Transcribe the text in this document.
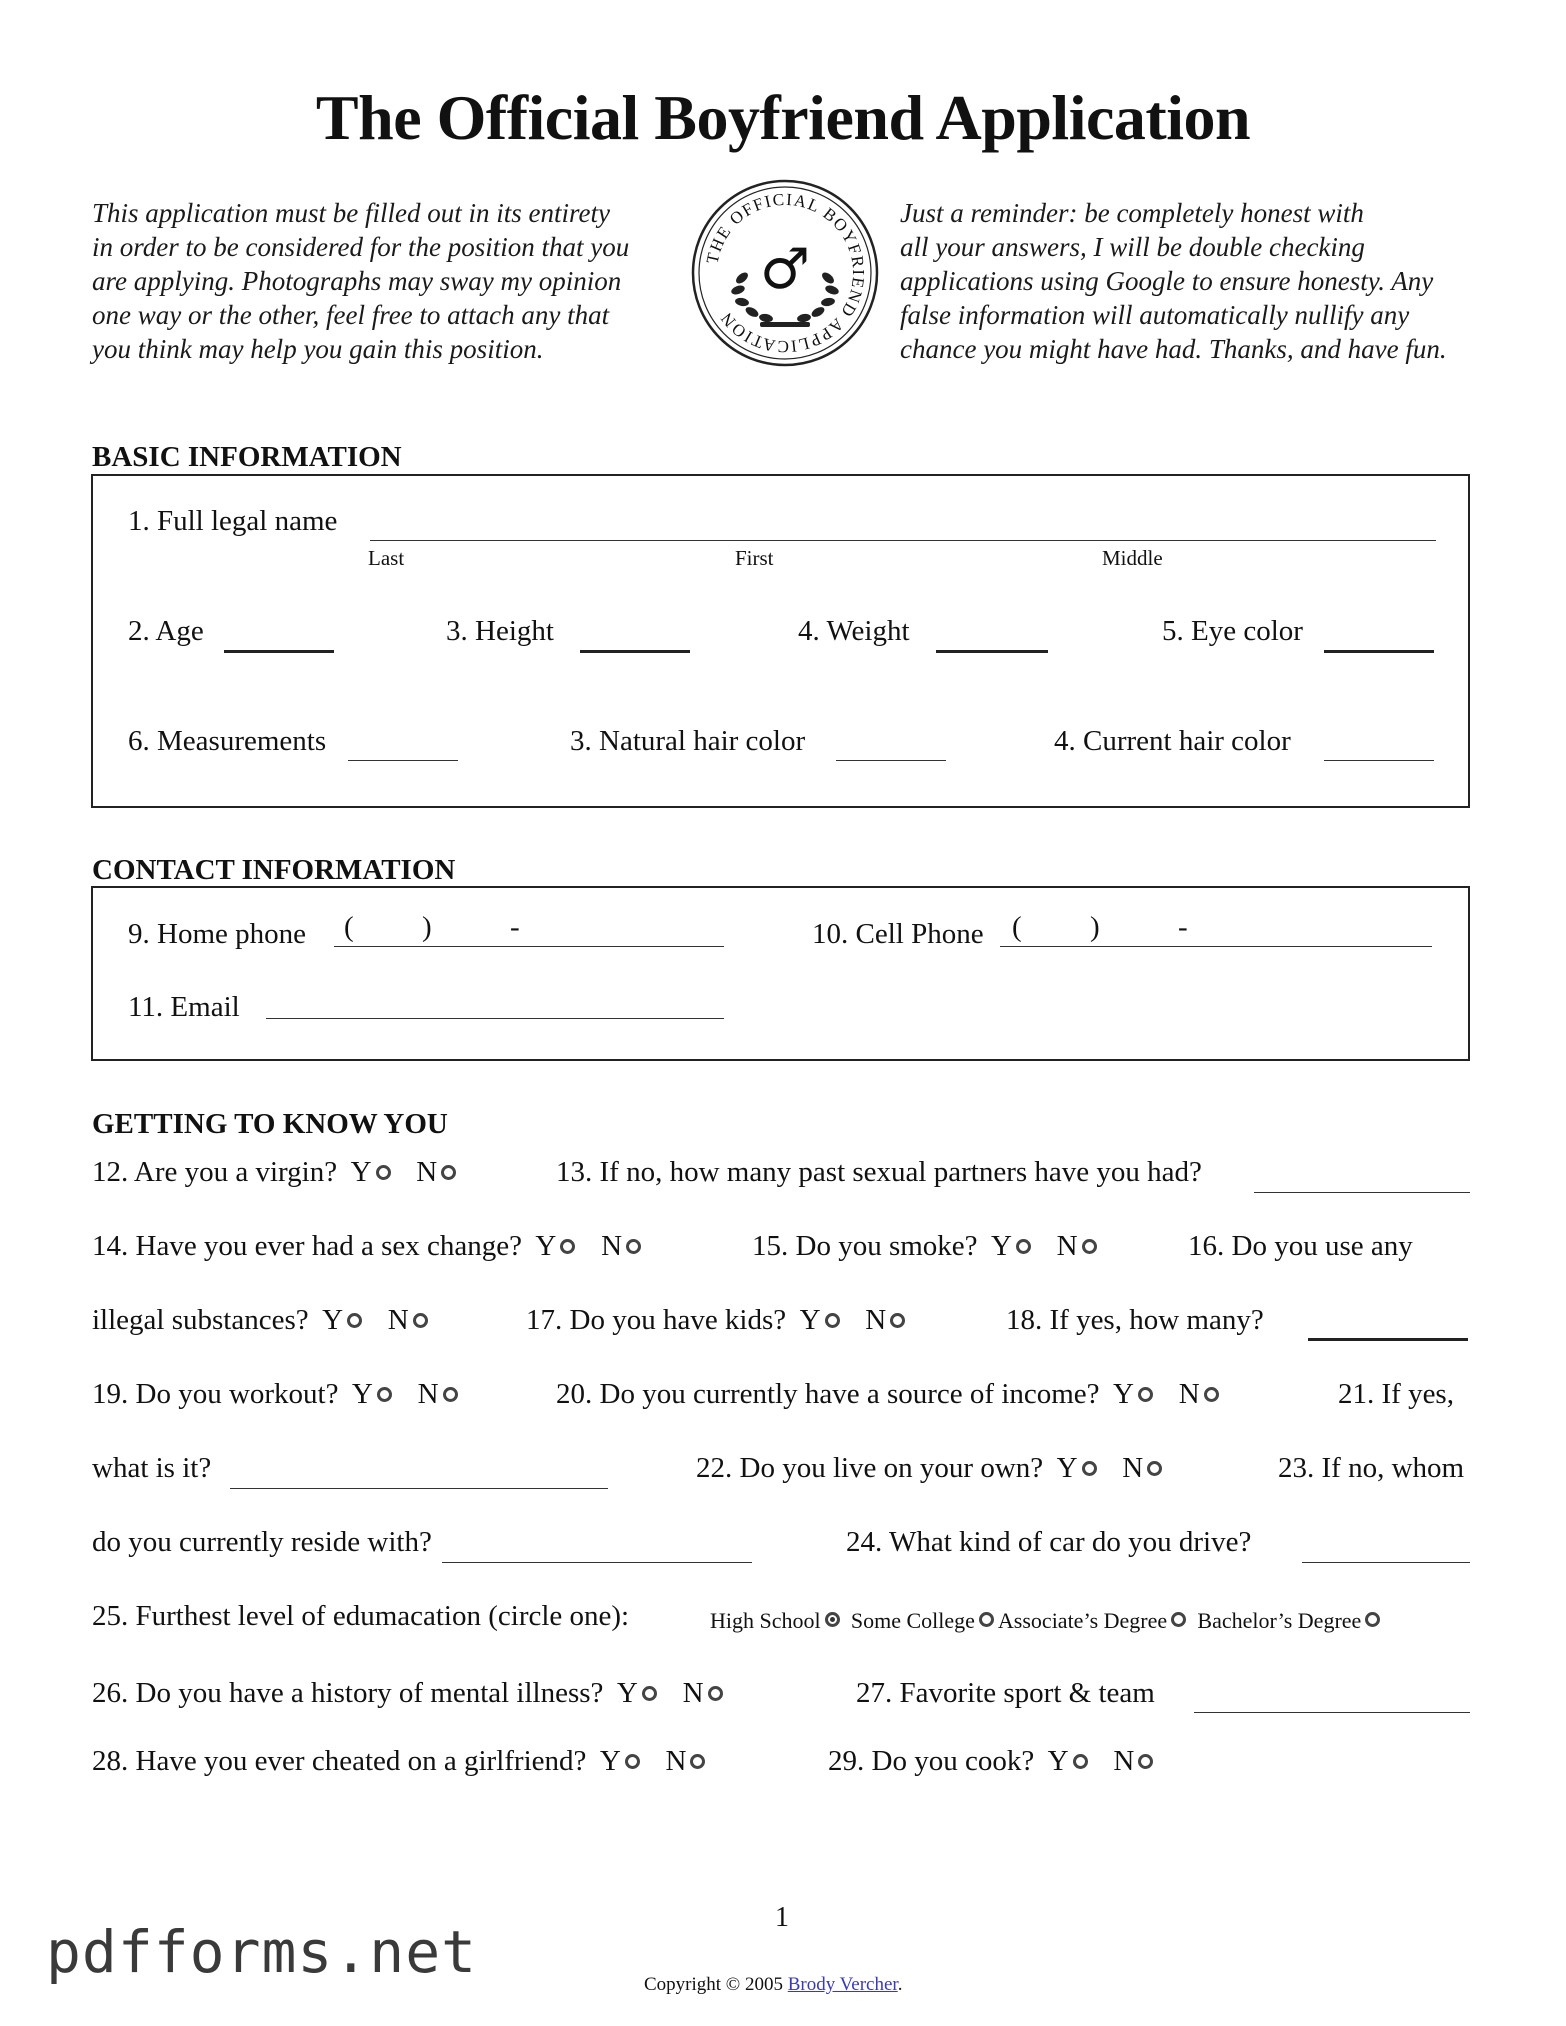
The Official Boyfriend Application

This application must be filled out in its entirety

in order to be considered for the position that you

are applying. Photographs may sway my opinion

one way or the other, feel free to attach any that

you think may help you gain this position.

THE OFFICIAL BOYFRIEND APPLICATION
♂

Just a reminder: be completely honest with

all your answers, I will be double checking

applications using Google to ensure honesty. Any

false information will automatically nullify any

chance you might have had. Thanks, and have fun.

BASIC INFORMATION
1. Full legal name
Last	First	Middle
2. Age	3. Height	4. Weight	5. Eye color
6. Measurements	3. Natural hair color	4. Current hair color
CONTACT INFORMATION
9. Home phone ( )	-	10. Cell Phone ( )	-
11. Email
GETTING TO KNOW YOU
12. Are you a virgin? Y N	13. If no, how many past sexual partners have you had?
14. Have you ever had a sex change? Y N	15. Do you smoke? Y N	16. Do you use any
illegal substances? Y N	17. Do you have kids? Y N	18. If yes, how many?
19. Do you workout? Y N	20. Do you currently have a source of income? Y N	21. If yes,
what is it?	22. Do you live on your own? Y N	23. If no, whom
do you currently reside with?	24. What kind of car do you drive?
25. Furthest level of edumacation (circle one):	High School Some College Associate’s Degree Bachelor’s Degree
26. Do you have a history of mental illness? Y N	27. Favorite sport & team
28. Have you ever cheated on a girlfriend? Y N	29. Do you cook? Y N
1
pdfforms.net	Copyright © 2005 Brody Vercher.
